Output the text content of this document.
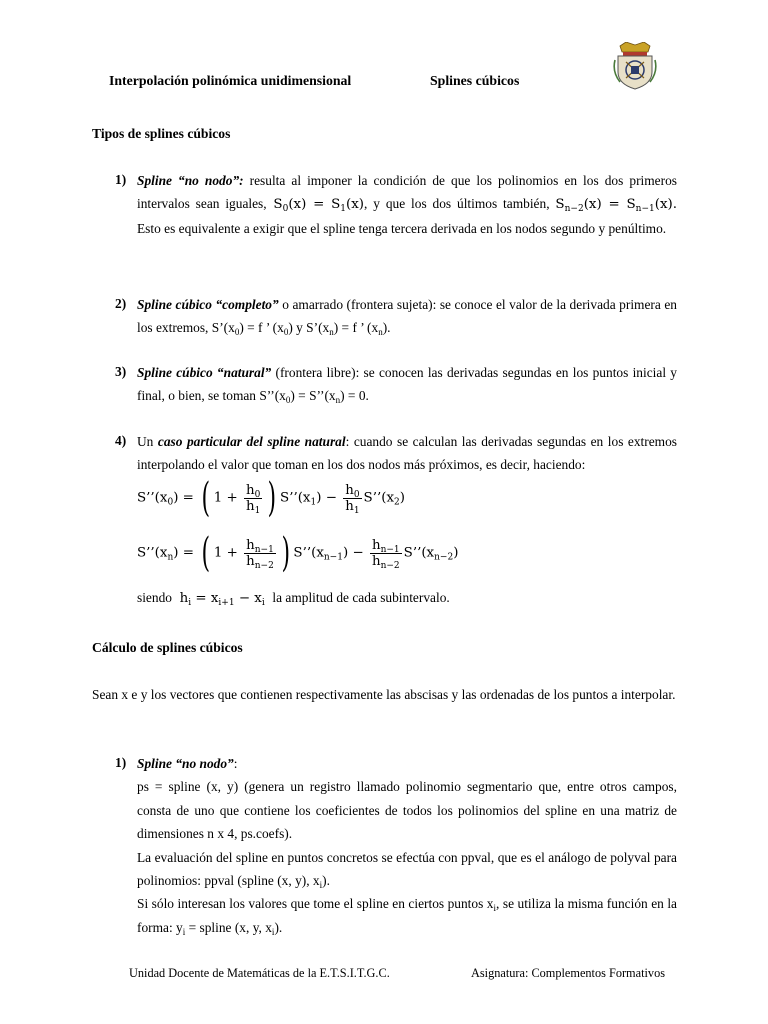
Interpolación polinómica unidimensional	Splines cúbicos
Tipos de splines cúbicos
1) Spline “no nodo”: resulta al imponer la condición de que los polinomios en los dos primeros

intervalos sean iguales, $S_0(x) = S_1(x)$, y que los dos últimos también, $S_{n-2}(x) = S_{n-1}(x)$.

Esto es equivalente a exigir que el spline tenga tercera derivada en los nodos segundo y penúltimo.

2) Spline cúbico “completo” o amarrado (frontera sujeta): se conoce el valor de la derivada primera en los extremos, $S’(x_0) = f$ ’ $(x_0)$ y $S’(x_n) = f$ ’ $(x_n)$.

3) Spline cúbico “natural” (frontera libre): se conocen las derivadas segundas en los puntos inicial y final, o bien, se toman $S’’(x_0)$ = $S’’(x_n) = 0$.

4) Un caso particular del spline natural: cuando se calculan las derivadas segundas en los extremos interpolando el valor que toman en los dos nodos más próximos, es decir, haciendo:

$S’’(x_0)$ = ( $1 + \frac{h_0}{h_1}$ ) $S’’(x_1) - \frac{h_0}{h_1}$ $S’’(x_2)$
$S’’(x_n)$ = ( $1 + \frac{h_{n-1}}{h_{n-2}}$ ) $S’’(x_{n-1}) - \frac{h_{n-1}}{h_{n-2}}$ $S’’(x_{n-2})$
siendo  $h_i = x_{i+1} - x_i$ la amplitud de cada subintervalo.
Cálculo de splines cúbicos
Sean x e y los vectores que contienen respectivamente las abscisas y las ordenadas de los puntos a interpolar.
1) Spline “no nodo”:

ps = spline (x, y) (genera un registro llamado polinomio segmentario que, entre otros campos, consta de uno que contiene los coeficientes de todos los polinomios del spline en una matriz de dimensiones n x 4, ps.coefs).

La evaluación del spline en puntos concretos se efectúa con ppval, que es el análogo de polyval para polinomios: ppval (spline (x, y), $x_i$).

Si sólo interesan los valores que tome el spline en ciertos puntos $x_i$, se utiliza la misma función en la forma: $y_i$ = spline (x, y, $x_i$).

Unidad Docente de Matemáticas de la E.T.S.I.T.G.C.	Asignatura: Complementos Formativos
